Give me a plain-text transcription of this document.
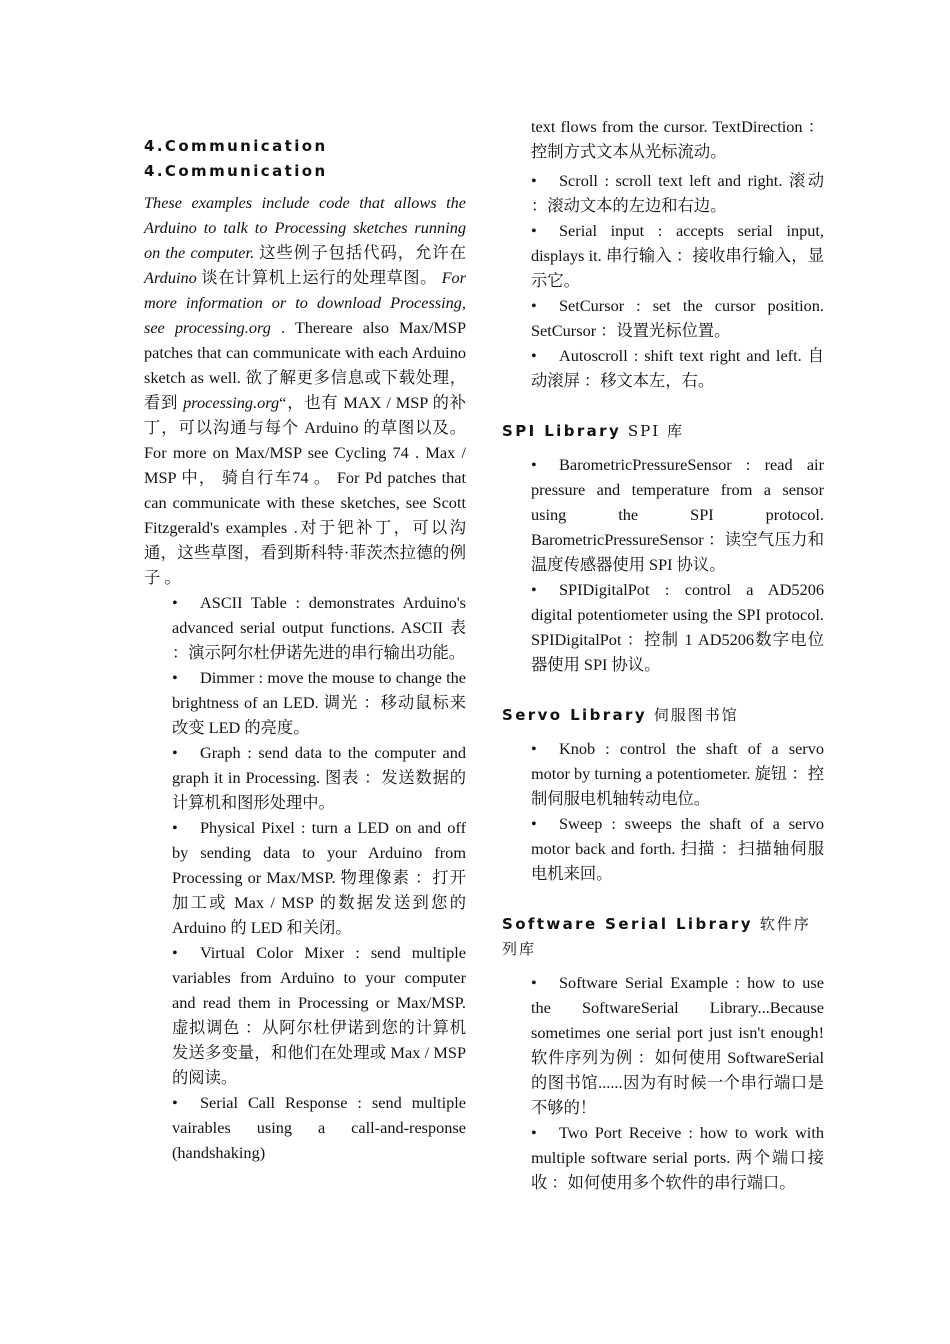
4.Communication
4.Communication

These examples include code that allows the Arduino to talk to Processing sketches running on the computer. 这些例子包括代码，允许在Arduino 谈在计算机上运行的处理草图。 For more information or to download Processing, see processing.org . Thereare also Max/MSP patches that can communicate with each Arduino sketch as well. 欲了解更多信息或下载处理，看到 processing.org“，也有 MAX / MSP 的补丁，可以沟通与每个 Arduino 的草图以及。 For more on Max/MSP see Cycling 74 . Max / MSP 中， 骑自行车74 。 For Pd patches that can communicate with these sketches, see Scott Fitzgerald's examples .对于钯补丁，可以沟通，这些草图，看到斯科特·菲茨杰拉德的例子 。

• ASCII Table : demonstrates Arduino's advanced serial output functions. ASCII 表 ：演示阿尔杜伊诺先进的串行输出功能。
• Dimmer : move the mouse to change the brightness of an LED. 调光 ：移动鼠标来改变 LED 的亮度。
• Graph : send data to the computer and graph it in Processing. 图表 ：发送数据的计算机和图形处理中。
• Physical Pixel : turn a LED on and off by sending data to your Arduino from Processing or Max/MSP. 物理像素 ：打开加工或 Max / MSP 的数据发送到您的 Arduino 的 LED 和关闭。
• Virtual Color Mixer : send multiple variables from Arduino to your computer and read them in Processing or Max/MSP. 虚拟调色 ：从阿尔杜伊诺到您的计算机发送多变量，和他们在处理或 Max / MSP 的阅读。
• Serial Call Response : send multiple vairables using a call-and-response (handshaking)

text flows from the cursor. TextDirection ：控制方式文本从光标流动。

• Scroll : scroll text left and right. 滚动 ：滚动文本的左边和右边。
• Serial input : accepts serial input, displays it. 串行输入 ：接收串行输入，显示它。
• SetCursor : set the cursor position. SetCursor ：设置光标位置。
• Autoscroll : shift text right and left. 自动滚屏 ：移文本左，右。
SPI Library SPI 库
• BarometricPressureSensor : read air pressure and temperature from a sensor using the SPI protocol. BarometricPressureSensor ：读空气压力和温度传感器使用 SPI 协议。
• SPIDigitalPot : control a AD5206 digital potentiometer using the SPI protocol. SPIDigitalPot ：控制 1 AD5206数字电位器使用 SPI 协议。
Servo Library 伺服图书馆
• Knob : control the shaft of a servo motor by turning a potentiometer. 旋钮 ：控制伺服电机轴转动电位。
• Sweep : sweeps the shaft of a servo motor back and forth. 扫描 ：扫描轴伺服电机来回。
Software Serial Library 软件序列库
• Software Serial Example : how to use the SoftwareSerial Library...Because sometimes one serial port just isn't enough! 软件序列为例 ：如何使用 SoftwareSerial 的图书馆......因为有时候一个串行端口是不够的！
• Two Port Receive : how to work with multiple software serial ports. 两个端口接收 ：如何使用多个软件的串行端口。
